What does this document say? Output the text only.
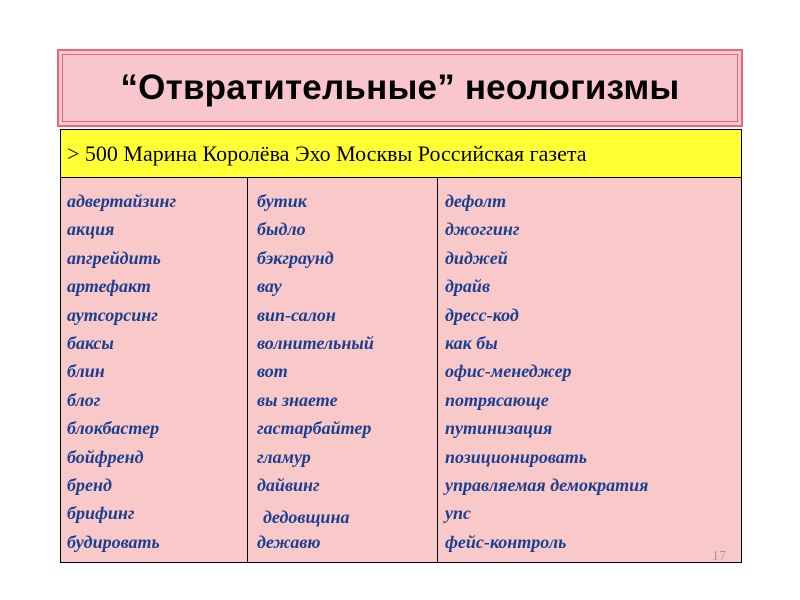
“Отвратительные” неологизмы
> 500 Марина Королёва Эхо Москвы Российская газета
адвертайзинг
акция
апгрейдить
артефакт
аутсорсинг
баксы
блин
блог
блокбастер
бойфренд
бренд
брифинг
будировать
бутик
быдло
бэкграунд
вау
вип-салон
волнительный
вот
вы знаете
гастарбайтер
гламур
дайвинг
дедовщина
дежавю
дефолт
джоггинг
диджей
драйв
дресс-код
как бы
офис-менеджер
потрясающе
путинизация
позиционировать
управляемая демократия
упс
фейс-контроль
17
